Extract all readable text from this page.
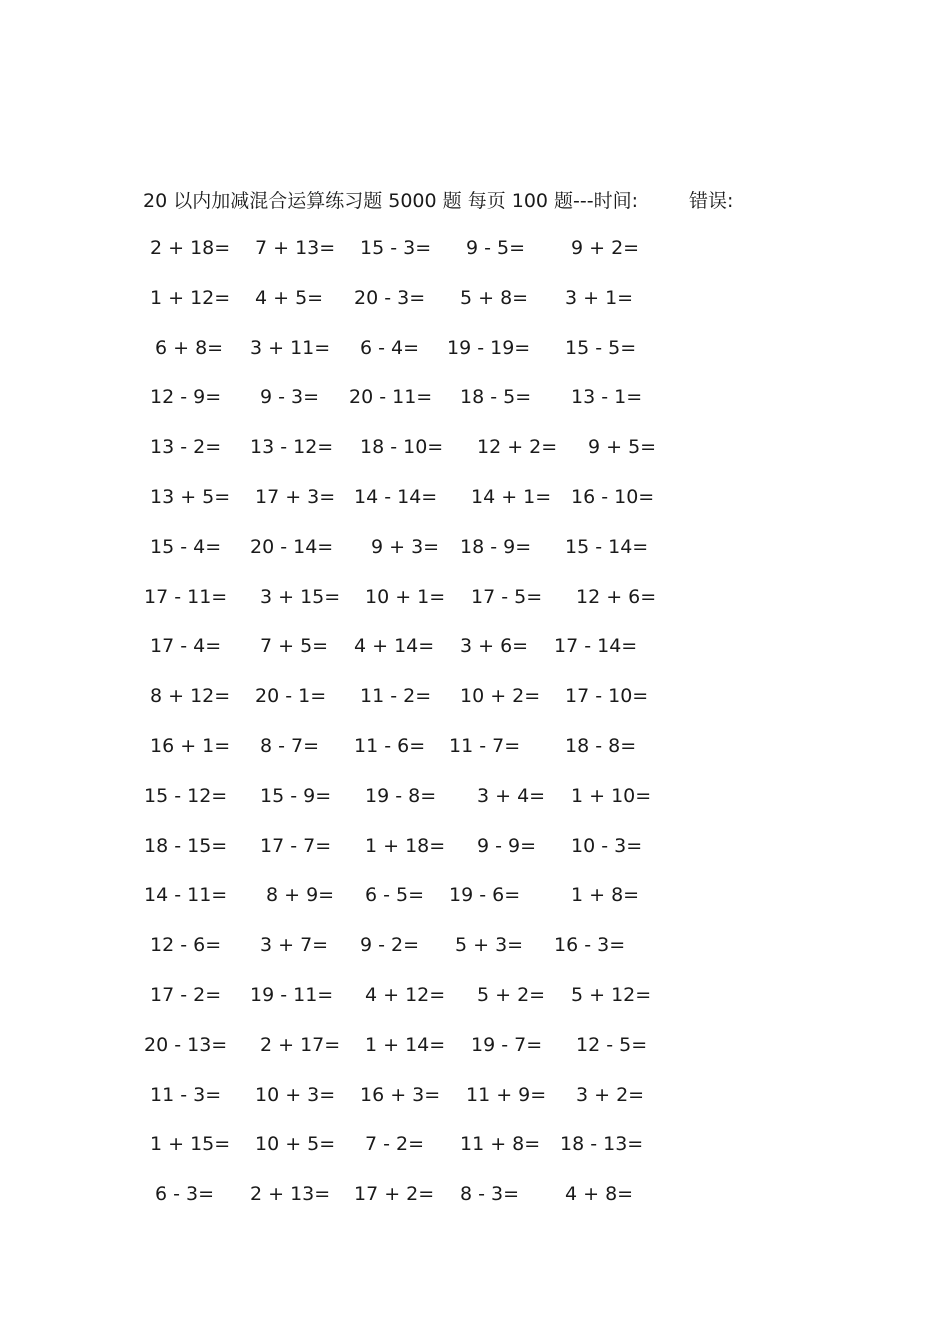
20 以内加减混合运算练习题 5000 题 每页 100 题---时间:	错误:
2 + 18= 7 + 13= 15 - 3= 9 - 5= 9 + 2=
1 + 12= 4 + 5= 20 - 3= 5 + 8= 3 + 1=
6 + 8= 3 + 11= 6 - 4= 19 - 19= 15 - 5=
12 - 9= 9 - 3= 20 - 11= 18 - 5= 13 - 1=
13 - 2= 13 - 12= 18 - 10= 12 + 2= 9 + 5=
13 + 5= 17 + 3= 14 - 14= 14 + 1= 16 - 10=
15 - 4= 20 - 14= 9 + 3= 18 - 9= 15 - 14=
17 - 11= 3 + 15= 10 + 1= 17 - 5= 12 + 6=
17 - 4= 7 + 5= 4 + 14= 3 + 6= 17 - 14=
8 + 12= 20 - 1= 11 - 2= 10 + 2= 17 - 10=
16 + 1= 8 - 7= 11 - 6= 11 - 7= 18 - 8=
15 - 12= 15 - 9= 19 - 8= 3 + 4= 1 + 10=
18 - 15= 17 - 7= 1 + 18= 9 - 9= 10 - 3=
14 - 11= 8 + 9= 6 - 5= 19 - 6=	1 + 8=
12 - 6= 3 + 7= 9 - 2= 5 + 3= 16 - 3=
17 - 2= 19 - 11= 4 + 12= 5 + 2= 5 + 12=
20 - 13= 2 + 17= 1 + 14= 19 - 7= 12 - 5=
11 - 3= 10 + 3= 16 + 3= 11 + 9= 3 + 2=
1 + 15= 10 + 5= 7 - 2= 11 + 8= 18 - 13=
6 - 3= 2 + 13= 17 + 2= 8 - 3= 4 + 8=
